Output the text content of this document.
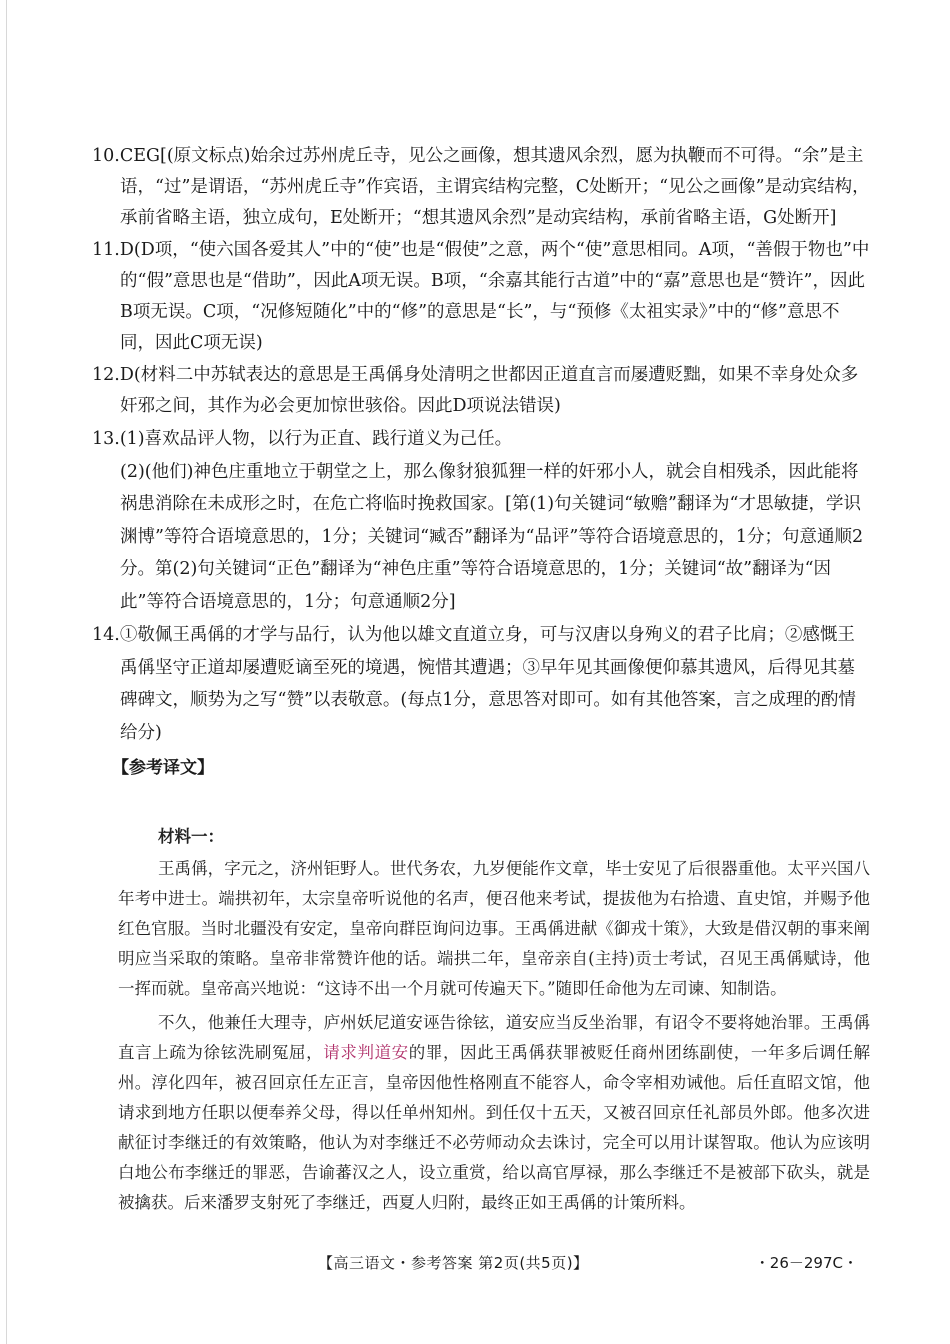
10.CEG[(原文标点)始余过苏州虎丘寺，见公之画像，想其遗风余烈，愿为执鞭而不可得。“余”是主语，“过”是谓语，“苏州虎丘寺”作宾语，主谓宾结构完整，C处断开；“见公之画像”是动宾结构，承前省略主语，独立成句，E处断开；“想其遗风余烈”是动宾结构，承前省略主语，G处断开]
11.D(D项，“使六国各爱其人”中的“使”也是“假使”之意，两个“使”意思相同。A项，“善假于物也”中的“假”意思也是“借助”，因此A项无误。B项，“余嘉其能行古道”中的“嘉”意思也是“赞许”，因此B项无误。C项，“况修短随化”中的“修”的意思是“长”，与“预修《太祖实录》”中的“修”意思不同，因此C项无误)
12.D(材料二中苏轼表达的意思是王禹偁身处清明之世都因正道直言而屡遭贬黜，如果不幸身处众多奸邪之间，其作为必会更加惊世骇俗。因此D项说法错误)
13.(1)喜欢品评人物，以行为正直、践行道义为己任。
(2)(他们)神色庄重地立于朝堂之上，那么像豺狼狐狸一样的奸邪小人，就会自相残杀，因此能将祸患消除在未成形之时，在危亡将临时挽救国家。[第(1)句关键词“敏赡”翻译为“才思敏捷，学识渊博”等符合语境意思的，1分；关键词“臧否”翻译为“品评”等符合语境意思的，1分；句意通顺2分。第(2)句关键词“正色”翻译为“神色庄重”等符合语境意思的，1分；关键词“故”翻译为“因此”等符合语境意思的，1分；句意通顺2分]
14.①敬佩王禹偁的才学与品行，认为他以雄文直道立身，可与汉唐以身殉义的君子比肩；②感慨王禹偁坚守正道却屡遭贬谪至死的境遇，惋惜其遭遇；③早年见其画像便仰慕其遗风，后得见其墓碑碑文，顺势为之写“赞”以表敬意。(每点1分，意思答对即可。如有其他答案，言之成理的酌情给分)
【参考译文】
材料一：

王禹偁，字元之，济州钜野人。世代务农，九岁便能作文章，毕士安见了后很器重他。太平兴国八年考中进士。端拱初年，太宗皇帝听说他的名声，便召他来考试，提拔他为右拾遗、直史馆，并赐予他红色官服。当时北疆没有安定，皇帝向群臣询问边事。王禹偁进献《御戎十策》，大致是借汉朝的事来阐明应当采取的策略。皇帝非常赞许他的话。端拱二年，皇帝亲自(主持)贡士考试，召见王禹偁赋诗，他一挥而就。皇帝高兴地说：“这诗不出一个月就可传遍天下。”随即任命他为左司谏、知制诰。

不久，他兼任大理寺，庐州妖尼道安诬告徐铉，道安应当反坐治罪，有诏令不要将她治罪。王禹偁直言上疏为徐铉洗刷冤屈，请求判道安的罪，因此王禹偁获罪被贬任商州团练副使，一年多后调任解州。淳化四年，被召回京任左正言，皇帝因他性格刚直不能容人，命令宰相劝诫他。后任直昭文馆，他请求到地方任职以便奉养父母，得以任单州知州。到任仅十五天，又被召回京任礼部员外郎。他多次进献征讨李继迁的有效策略，他认为对李继迁不必劳师动众去诛讨，完全可以用计谋智取。他认为应该明白地公布李继迁的罪恶，告谕蕃汉之人，设立重赏，给以高官厚禄，那么李继迁不是被部下砍头，就是被擒获。后来潘罗支射死了李继迁，西夏人归附，最终正如王禹偁的计策所料。

【高三语文・参考答案 第2页(共5页)】	・26－297C・
